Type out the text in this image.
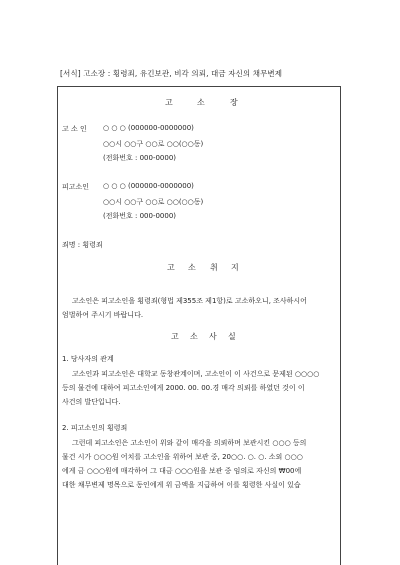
[서식] 고소장 : 횡령죄, 유긴보관, 비각 의뢰, 대금 자신의 채무변제
고	소	장
고 소 인 ○ ○ ○ (000000-0000000)
○○시 ○○구 ○○로 ○○(○○동)
(전화번호 : 000-0000)
피고소인 ○ ○ ○ (000000-0000000)
○○시 ○○구 ○○로 ○○(○○동)
(전화번호 : 000-0000)
죄명 : 횡령죄
고 소 취 지
고소인은 피고소인을 횡령죄(형법 제355조 제1항)로 고소하오니, 조사하시어
엄벌하여 주시기 바랍니다.
고 소 사 실
1. 당사자의 관계
고소인과 피고소인은 대학교 동창관계이며, 고소인이 이 사건으로 문제된 ○○○○
등의 물건에 대하여 피고소인에게 2000. 00. 00.경 매각 의뢰를 하였던 것이 이
사건의 발단입니다.
2. 피고소인의 횡령죄
그런데 피고소인은 고소인이 위와 같이 매각을 의뢰하며 보관시킨 ○○○ 등의
물건 시가 ○○○원 어치를 고소인을 위하여 보관 중, 20○○. ○. ○. 소외 ○○○
에게 금 ○○○원에 매각하여 그 대금 ○○○원을 보관 중 임의로 자신의 ₩00에
대한 채무변제 명목으로 동인에게 위 금액을 지급하여 이를 횡령한 사실이 있습
